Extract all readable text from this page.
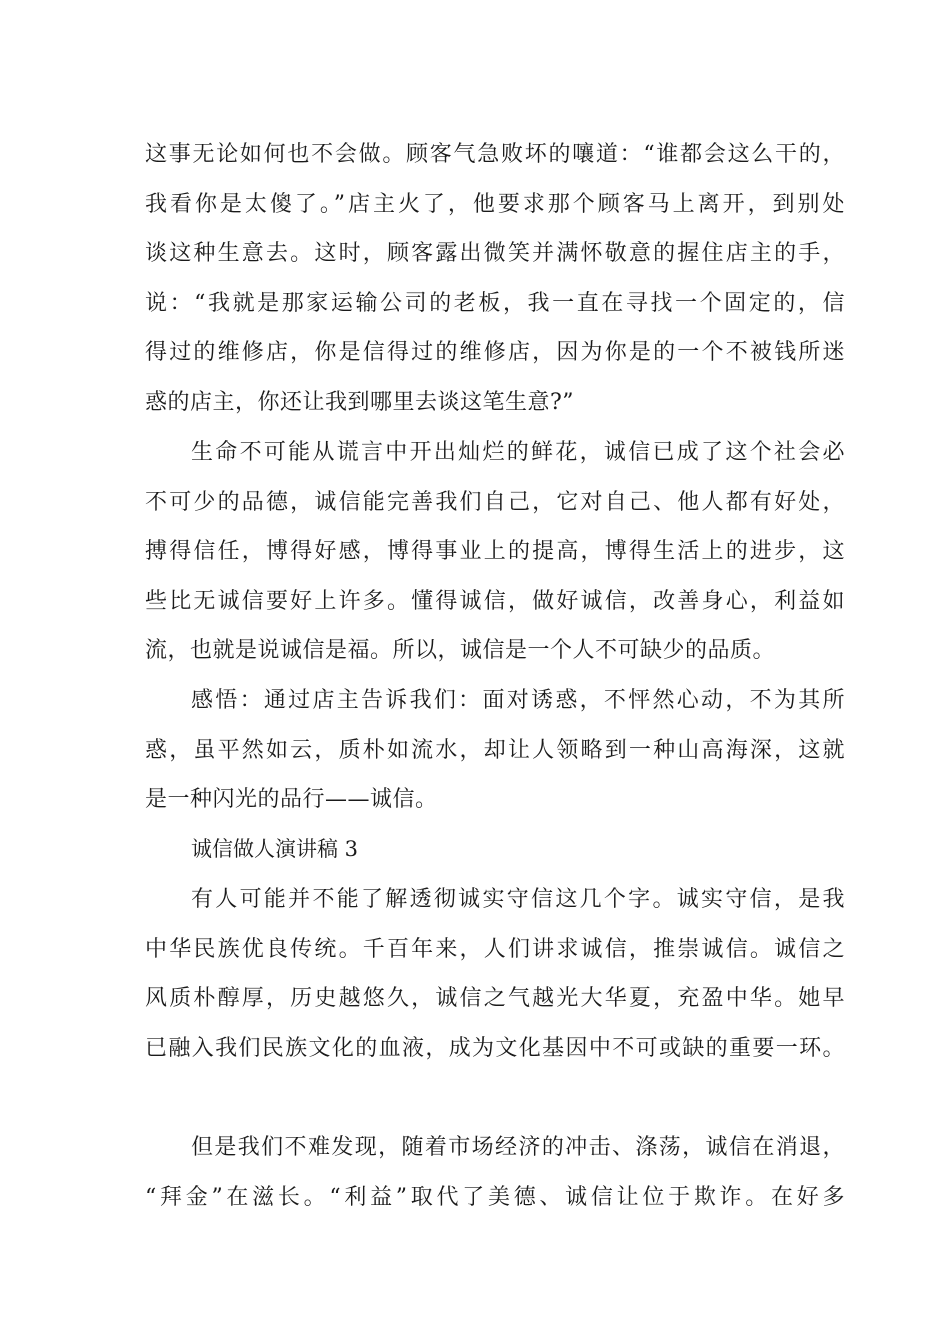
这事无论如何也不会做。顾客气急败坏的嚷道：“谁都会这么干的，
我看你是太傻了。”店主火了，他要求那个顾客马上离开，到别处
谈这种生意去。这时，顾客露出微笑并满怀敬意的握住店主的手，
说：“我就是那家运输公司的老板，我一直在寻找一个固定的，信
得过的维修店，你是信得过的维修店，因为你是的一个不被钱所迷
惑的店主，你还让我到哪里去谈这笔生意?”
生命不可能从谎言中开出灿烂的鲜花，诚信已成了这个社会必
不可少的品德，诚信能完善我们自己，它对自己、他人都有好处，
搏得信任，博得好感，博得事业上的提高，博得生活上的进步，这
些比无诚信要好上许多。懂得诚信，做好诚信，改善身心，利益如
流，也就是说诚信是福。所以，诚信是一个人不可缺少的品质。
感悟：通过店主告诉我们：面对诱惑，不怦然心动，不为其所
惑，虽平然如云，质朴如流水，却让人领略到一种山高海深，这就
是一种闪光的品行——诚信。
诚信做人演讲稿 3
有人可能并不能了解透彻诚实守信这几个字。诚实守信，是我
中华民族优良传统。千百年来，人们讲求诚信，推崇诚信。诚信之
风质朴醇厚，历史越悠久，诚信之气越光大华夏，充盈中华。她早
已融入我们民族文化的血液，成为文化基因中不可或缺的重要一环。
但是我们不难发现，随着市场经济的冲击、涤荡，诚信在消退，
“拜金”在滋长。“利益”取代了美德、诚信让位于欺诈。在好多
